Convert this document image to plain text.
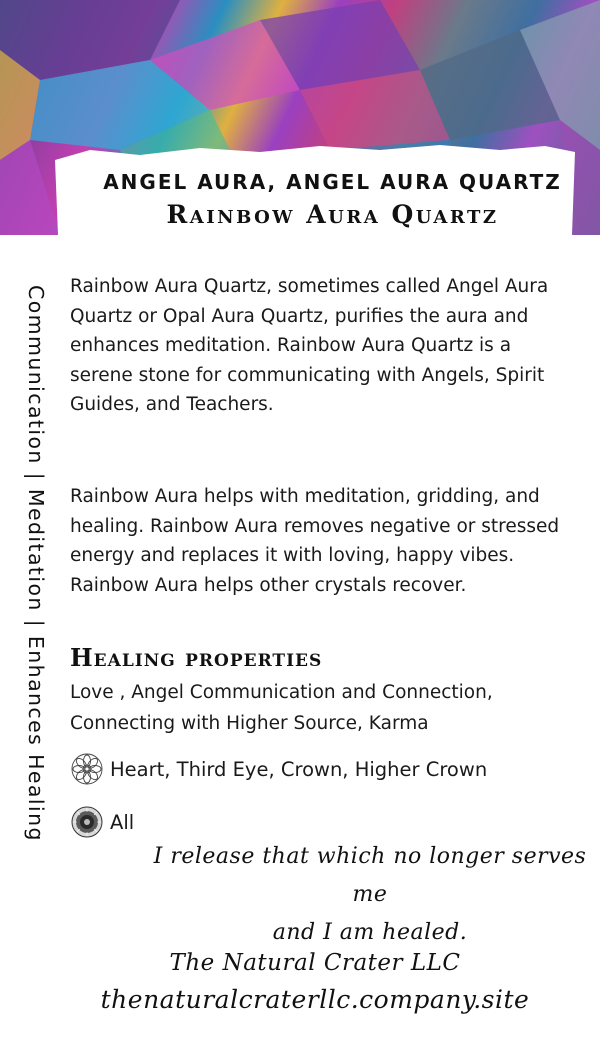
ANGEL AURA, ANGEL AURA QUARTZ
Rainbow Aura Quartz
Communication | Meditation | Enhances Healing Rainbow Aura Quartz, sometimes called Angel Aura Quartz or Opal Aura Quartz, purifies the aura and enhances meditation. Rainbow Aura Quartz is a serene stone for communicating with Angels, Spirit Guides, and Teachers.

Rainbow Aura helps with meditation, gridding, and healing. Rainbow Aura removes negative or stressed energy and replaces it with loving, happy vibes. Rainbow Aura helps other crystals recover.

Healing properties
Love , Angel Communication and Connection, Connecting with Higher Source, Karma
Heart, Third Eye, Crown, Higher Crown
All
I release that which no longer serves me
and I am healed.
The Natural Crater LLC
thenaturalcraterllc.company.site
